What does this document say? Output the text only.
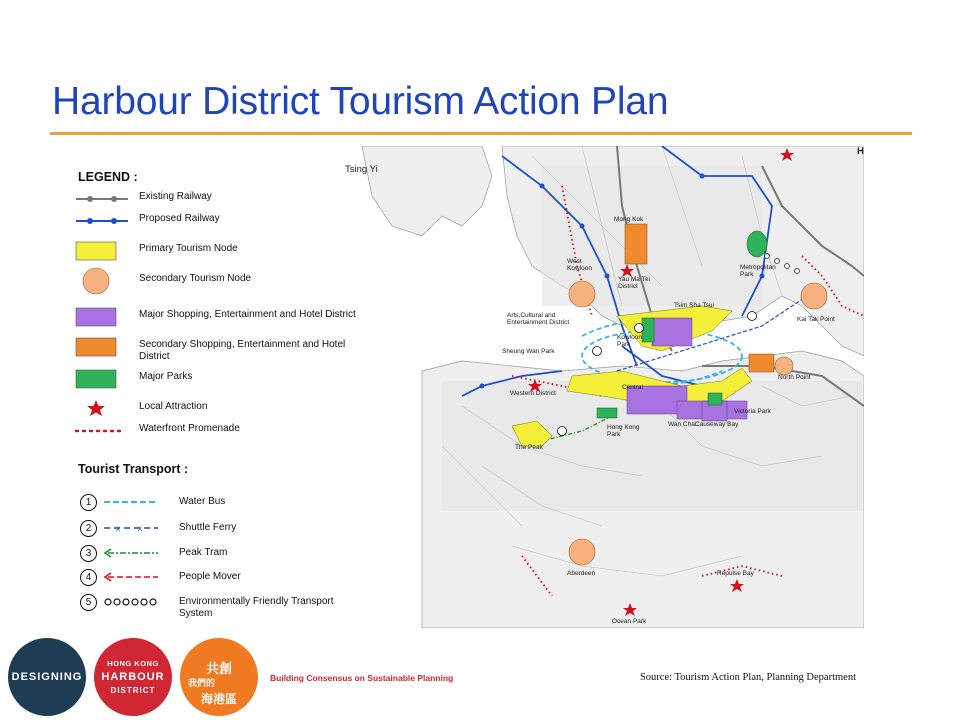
Harbour District Tourism Action Plan
LEGEND :
Existing Railway
Proposed Railway
Primary Tourism Node
Secondary Tourism Node
Major Shopping, Entertainment and Hotel District
Secondary Shopping, Entertainment and Hotel District
Major Parks
Local Attraction
Waterfront Promenade
Tourist Transport :
1	Water Bus
2	x x	Shuttle Ferry
3	Peak Tram
4	People Mover
5	Environmentally Friendly Transport System
Tsing Yi
Mong Kok
West
Kowloon
Yau Ma Tei
District
Metropolitan
Park
Tsim Sha Tsui
Arts,Cultural and
Entertainment District	Kai Tak Point
Kowloon
Park
Sheung Wan Park
Central
North Point
Western District
Victoria Park
Hong Kong
Park
Wan Chai
Causeway Bay
The Peak
Aberdeen	Repulse Bay
Ocean Park
H
DESIGNING
HONG KONG
HARBOUR
DISTRICT
共創
我們的
海港區
Building Consensus on Sustainable Planning	Source: Tourism Action Plan, Planning Department
